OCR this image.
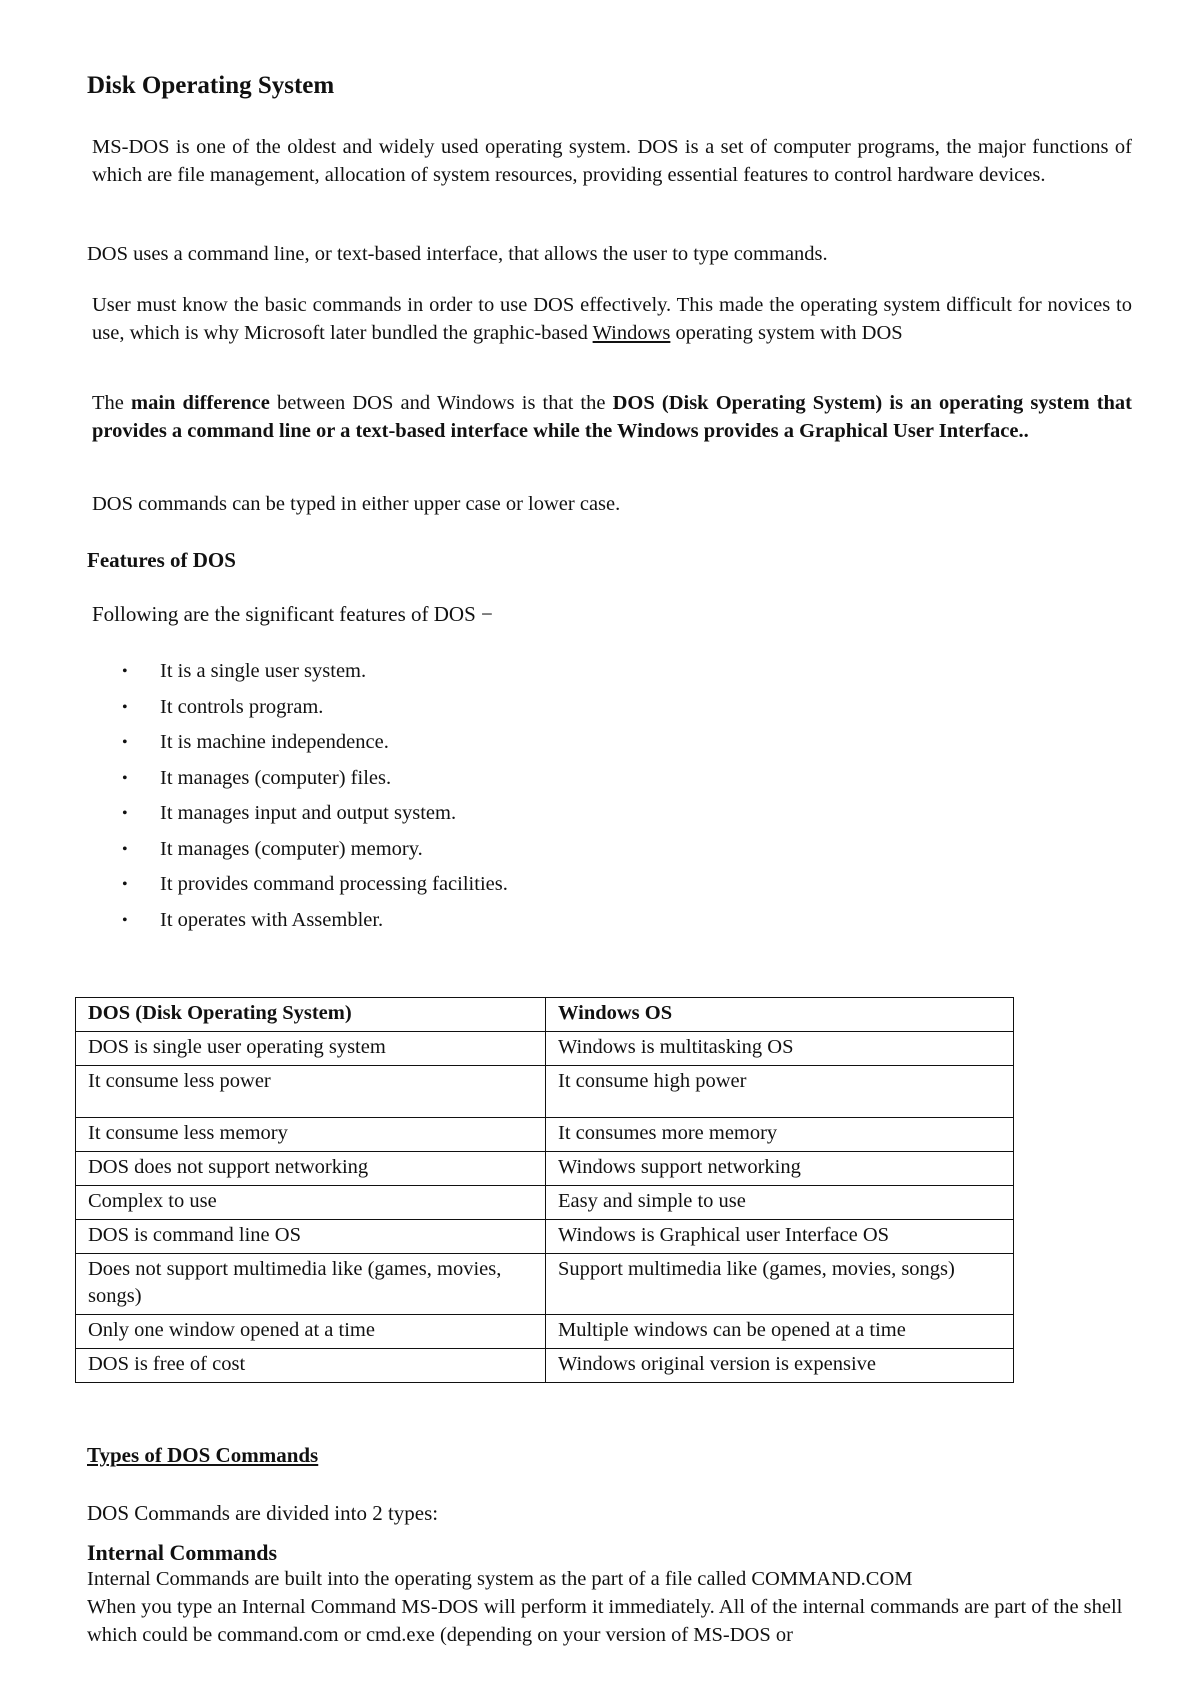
Disk Operating System

MS-DOS is one of the oldest and widely used operating system. DOS is a set of computer programs, the major functions of which are file management, allocation of system resources, providing essential features to control hardware devices.

DOS uses a command line, or text-based interface, that allows the user to type commands.

User must know the basic commands in order to use DOS effectively. This made the operating system difficult for novices to use, which is why Microsoft later bundled the graphic-based Windows operating system with DOS

The main difference between DOS and Windows is that the DOS (Disk Operating System) is an operating system that provides a command line or a text-based interface while the Windows provides a Graphical User Interface..

DOS commands can be typed in either upper case or lower case.

Features of DOS

Following are the significant features of DOS −

• It is a single user system.
• It controls program.
• It is machine independence.
• It manages (computer) files.
• It manages input and output system.
• It manages (computer) memory.
• It provides command processing facilities.
• It operates with Assembler.
DOS (Disk Operating System)	Windows OS
DOS is single user operating system	Windows is multitasking OS
It consume less power	It consume high power
It consume less memory	It consumes more memory
DOS does not support networking	Windows support networking
Complex to use	Easy and simple to use
DOS is command line OS	Windows is Graphical user Interface OS
Does not support multimedia like (games, movies, songs)	Support multimedia like (games, movies, songs)
Only one window opened at a time	Multiple windows can be opened at a time
DOS is free of cost	Windows original version is expensive
Types of DOS Commands

DOS Commands are divided into 2 types:

Internal Commands

Internal Commands are built into the operating system as the part of a file called COMMAND.COM
When you type an Internal Command MS-DOS will perform it immediately. All of the internal commands are part of the shell which could be command.com or cmd.exe (depending on your version of MS-DOS or
